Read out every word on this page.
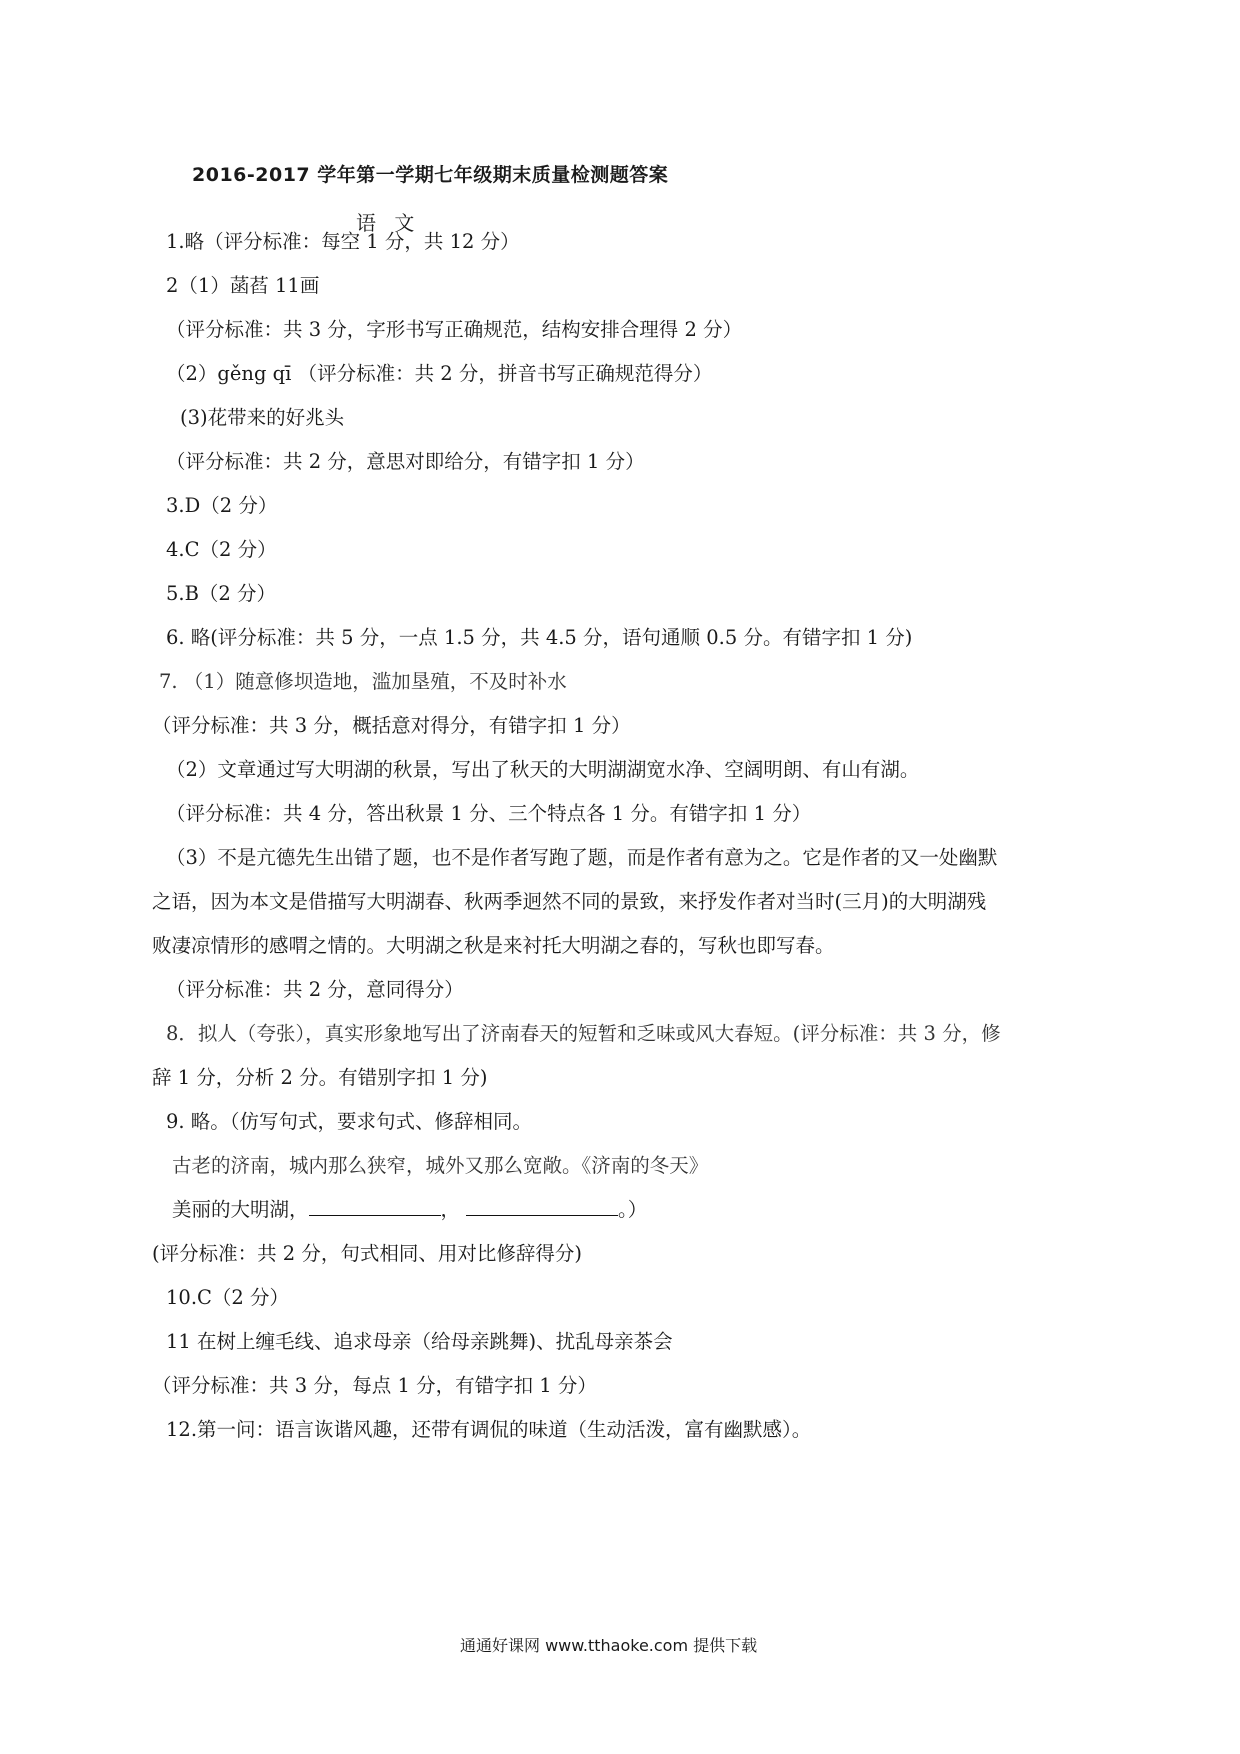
2016-2017 学年第一学期七年级期末质量检测题答案
语 文
1.略（评分标准：每空 1 分，共 12 分）
2（1）菡萏 11画
（评分标准：共 3 分，字形书写正确规范，结构安排合理得 2 分）
（2）gěng qī （评分标准：共 2 分，拼音书写正确规范得分）
(3)花带来的好兆头
（评分标准：共 2 分，意思对即给分，有错字扣 1 分）
3.D（2 分）
4.C（2 分）
5.B（2 分）
6. 略(评分标准：共 5 分，一点 1.5 分，共 4.5 分，语句通顺 0.5 分。有错字扣 1 分)
7. （1）随意修坝造地，滥加垦殖，不及时补水
（评分标准：共 3 分，概括意对得分，有错字扣 1 分）
（2）文章通过写大明湖的秋景，写出了秋天的大明湖湖宽水净、空阔明朗、有山有湖。
（评分标准：共 4 分，答出秋景 1 分、三个特点各 1 分。有错字扣 1 分）
（3）不是亢德先生出错了题，也不是作者写跑了题，而是作者有意为之。它是作者的又一处幽默
之语，因为本文是借描写大明湖春、秋两季迥然不同的景致，来抒发作者对当时(三月)的大明湖残
败凄凉情形的感喟之情的。大明湖之秋是来衬托大明湖之春的，写秋也即写春。
（评分标准：共 2 分，意同得分）
8．拟人（夸张），真实形象地写出了济南春天的短暂和乏味或风大春短。(评分标准：共 3 分，修
辞 1 分，分析 2 分。有错别字扣 1 分)
9. 略。（仿写句式，要求句式、修辞相同。
古老的济南，城内那么狭窄，城外又那么宽敞。《济南的冬天》
美丽的大明湖，	，	。）
(评分标准：共 2 分，句式相同、用对比修辞得分)
10.C（2 分）
11 在树上缠毛线、追求母亲（给母亲跳舞)、扰乱母亲茶会
（评分标准：共 3 分，每点 1 分，有错字扣 1 分）
12.第一问：语言诙谐风趣，还带有调侃的味道（生动活泼，富有幽默感）。
通通好课网 www.tthaoke.com 提供下载
